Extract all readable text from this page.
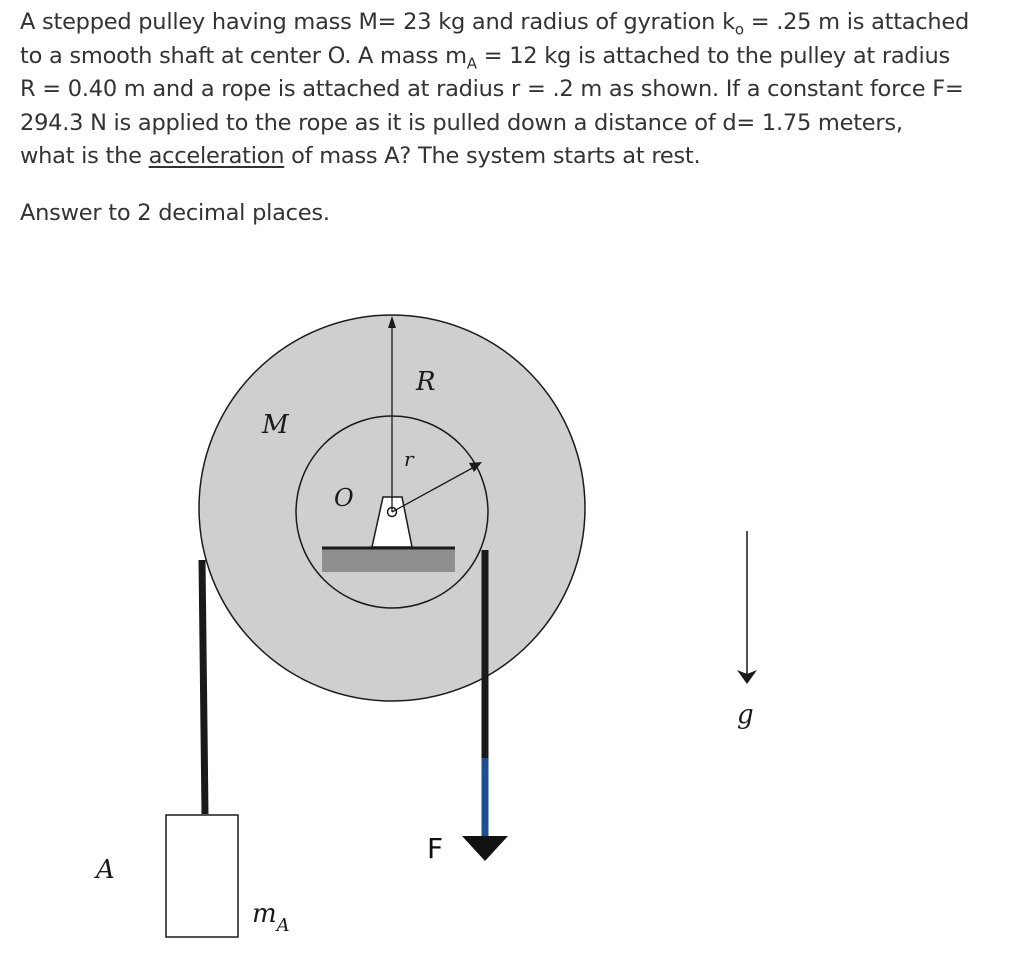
A stepped pulley having mass M= 23 kg and radius of gyration $k_o = .25$ m is attached

to a smooth shaft at center O. A mass $m_A = 12$ kg is attached to the pulley at radius

R = 0.40 m and a rope is attached at radius r = .2 m as shown. If a constant force F=

294.3 N is applied to the rope as it is pulled down a distance of d= 1.75 meters,

what is the acceleration of mass A? The system starts at rest.

Answer to 2 decimal places.

R
M
r
O
F
g
A
$m_A$
